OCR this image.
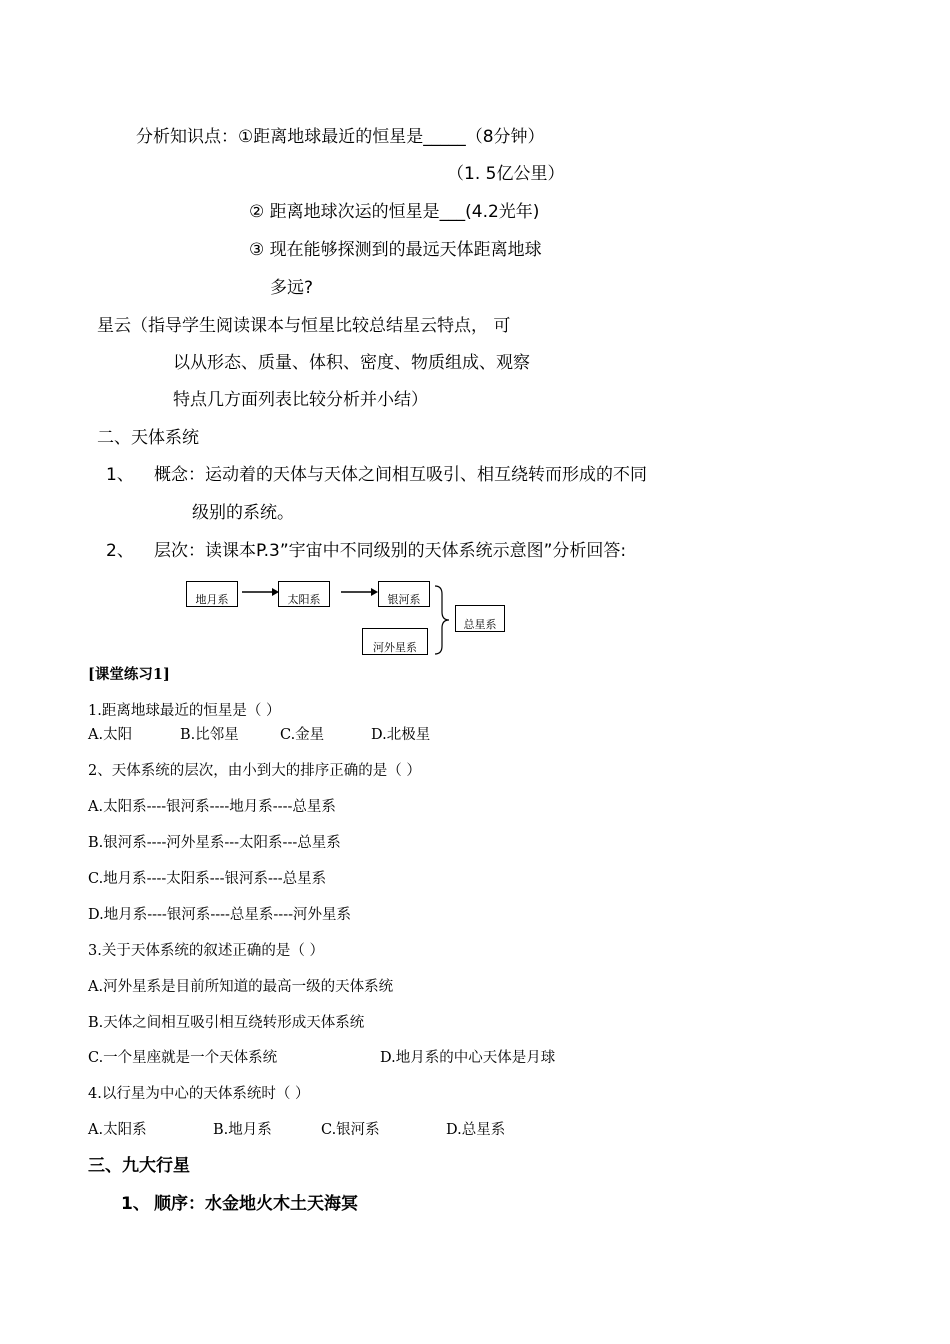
分析知识点：①距离地球最近的恒星是_____（8分钟）
（1. 5亿公里）
② 距离地球次运的恒星是___(4.2光年)
③ 现在能够探测到的最远天体距离地球
多远?
星云（指导学生阅读课本与恒星比较总结星云特点， 可
以从形态、质量、体积、密度、物质组成、观察
特点几方面列表比较分析并小结）
二、天体系统
1、 概念：运动着的天体与天体之间相互吸引、相互绕转而形成的不同
级别的系统。
2、 层次：读课本P.3”宇宙中不同级别的天体系统示意图”分析回答:
地月系	太阳系	银河系
河外星系
总星系
[课堂练习1]
1.距离地球最近的恒星是（ ）
A.太阳	B.比邻星	C.金星	D.北极星
2、天体系统的层次，由小到大的排序正确的是（ ）
A.太阳系----银河系----地月系----总星系
B.银河系----河外星系---太阳系---总星系
C.地月系----太阳系---银河系---总星系
D.地月系----银河系----总星系----河外星系
3.关于天体系统的叙述正确的是（ ）
A.河外星系是目前所知道的最高一级的天体系统
B.天体之间相互吸引相互绕转形成天体系统
C.一个星座就是一个天体系统	D.地月系的中心天体是月球
4.以行星为中心的天体系统时（ ）
A.太阳系	B.地月系	C.银河系	D.总星系
三、九大行星
1、 顺序：水金地火木土天海冥
